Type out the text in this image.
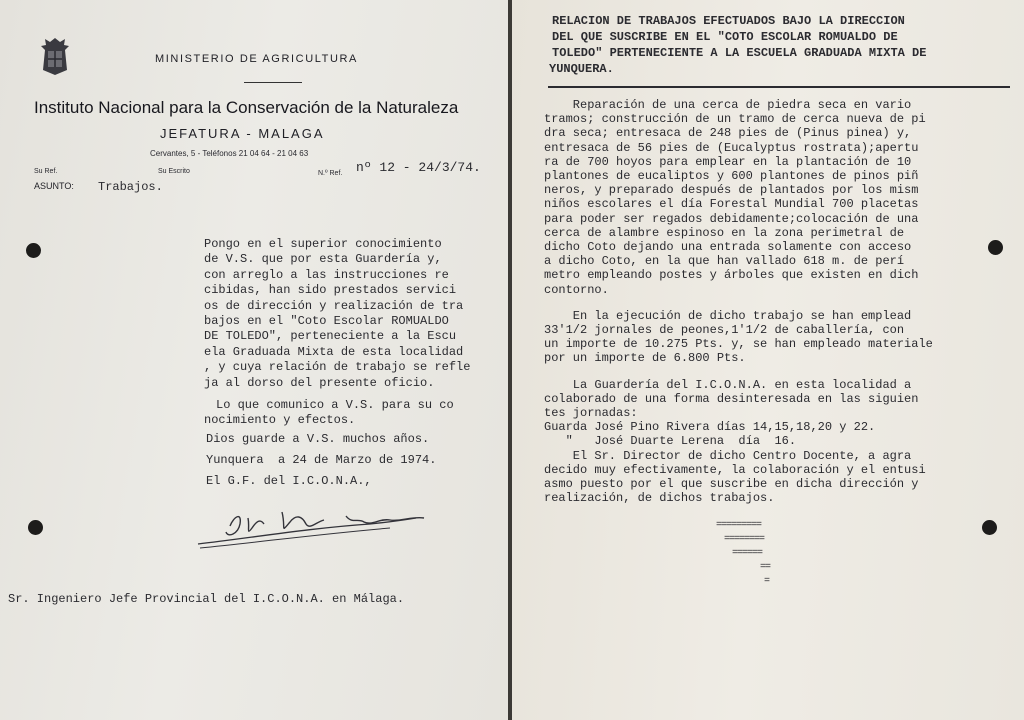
MINISTERIO DE AGRICULTURA
Instituto Nacional para la Conservación de la Naturaleza
JEFATURA - MALAGA
Cervantes, 5 - Teléfonos 21 04 64 - 21 04 63
Su Ref.	Su Escrito	N.º Ref. nº 12 - 24/3/74.
ASUNTO: Trabajos.
Pongo en el superior conocimiento
de V.S. que por esta Guardería y,
con arreglo a las instrucciones re
cibidas, han sido prestados servici
os de dirección y realización de tra
bajos en el "Coto Escolar ROMUALDO
DE TOLEDO", perteneciente a la Escu
ela Graduada Mixta de esta localidad
, y cuya relación de trabajo se refle
ja al dorso del presente oficio.
Lo que comunico a V.S. para su co
nocimiento y efectos.
Dios guarde a V.S. muchos años.
Yunquera  a 24 de Marzo de 1974.
El G.F. del I.C.O.N.A.,
Sr. Ingeniero Jefe Provincial del I.C.O.N.A. en Málaga.
RELACION DE TRABAJOS EFECTUADOS BAJO LA DIRECCION
DEL QUE SUSCRIBE EN EL "COTO ESCOLAR ROMUALDO DE
TOLEDO" PERTENECIENTE A LA ESCUELA GRADUADA MIXTA DE
YUNQUERA.
Reparación de una cerca de piedra seca en vario
tramos; construcción de un tramo de cerca nueva de pi
dra seca; entresaca de 248 pies de (Pinus pinea) y,
entresaca de 56 pies de (Eucalyptus rostrata);apertu
ra de 700 hoyos para emplear en la plantación de 10
plantones de eucaliptos y 600 plantones de pinos piñ
neros, y preparado después de plantados por los mism
niños escolares el día Forestal Mundial 700 placetas
para poder ser regados debidamente;colocación de una
cerca de alambre espinoso en la zona perimetral de
dicho Coto dejando una entrada solamente con acceso
a dicho Coto, en la que han vallado 618 m. de perí
metro empleando postes y árboles que existen en dich
contorno.
En la ejecución de dicho trabajo se han emplead
33'1/2 jornales de peones,1'1/2 de caballería, con
un importe de 10.275 Pts. y, se han empleado materiale
por un importe de 6.800 Pts.
La Guardería del I.C.O.N.A. en esta localidad a
colaborado de una forma desinteresada en las siguien
tes jornadas:
Guarda José Pino Rivera días 14,15,18,20 y 22.
"   José Duarte Lerena  día  16.
El Sr. Director de dicho Centro Docente, a agra
decido muy efectivamente, la colaboración y el entusi
asmo puesto por el que suscribe en dicha dirección y
realización, de dichos trabajos.
=========
========
======
==
=
